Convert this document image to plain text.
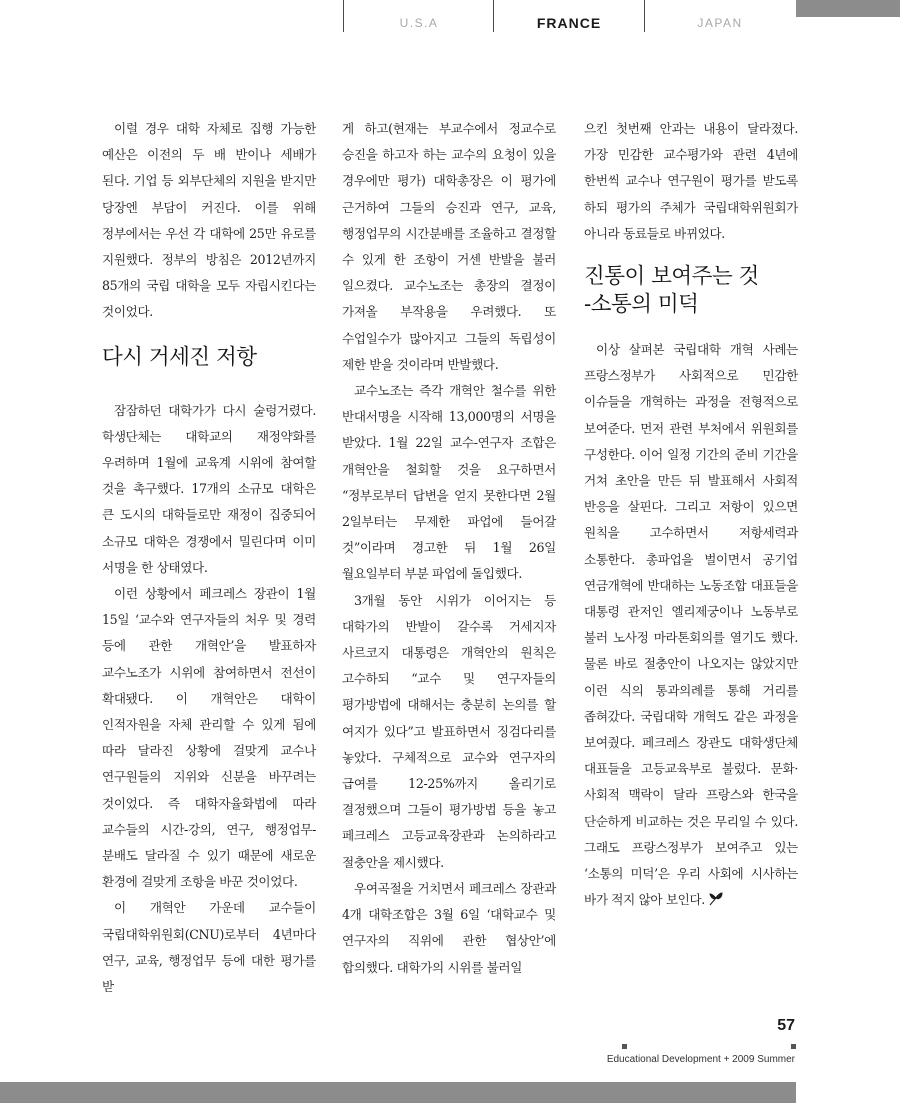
U.S.A	FRANCE	JAPAN

이럴 경우 대학 자체로 집행 가능한 예산은 이전의 두 배 반이나 세배가 된다. 기업 등 외부단체의 지원을 받지만 당장엔 부담이 커진다. 이를 위해 정부에서는 우선 각 대학에 25만 유로를 지원했다. 정부의 방침은 2012년까지 85개의 국립 대학을 모두 자립시킨다는 것이었다.

다시 거세진 저항

잠잠하던 대학가가 다시 술렁거렸다. 학생단체는 대학교의 재정약화를 우려하며 1월에 교육계 시위에 참여할 것을 촉구했다. 17개의 소규모 대학은 큰 도시의 대학들로만 재정이 집중되어 소규모 대학은 경쟁에서 밀린다며 이미 서명을 한 상태였다.

이런 상황에서 페크레스 장관이 1월 15일 ‘교수와 연구자들의 처우 및 경력 등에 관한 개혁안’을 발표하자 교수노조가 시위에 참여하면서 전선이 확대됐다. 이 개혁안은 대학이 인적자원을 자체 관리할 수 있게 됨에 따라 달라진 상황에 걸맞게 교수나 연구원들의 지위와 신분을 바꾸려는 것이었다. 즉 대학자율화법에 따라 교수들의 시간-강의, 연구, 행정업무- 분배도 달라질 수 있기 때문에 새로운 환경에 걸맞게 조항을 바꾼 것이었다.

이 개혁안 가운데 교수들이 국립대학위원회(CNU)로부터 4년마다 연구, 교육, 행정업무 등에 대한 평가를 받

게 하고(현재는 부교수에서 정교수로 승진을 하고자 하는 교수의 요청이 있을 경우에만 평가) 대학총장은 이 평가에 근거하여 그들의 승진과 연구, 교육, 행정업무의 시간분배를 조율하고 결정할 수 있게 한 조항이 거센 반발을 불러 일으켰다. 교수노조는 총장의 결정이 가져올 부작용을 우려했다. 또 수업일수가 많아지고 그들의 독립성이 제한 받을 것이라며 반발했다.

교수노조는 즉각 개혁안 철수를 위한 반대서명을 시작해 13,000명의 서명을 받았다. 1월 22일 교수-연구자 조합은 개혁안을 철회할 것을 요구하면서 “정부로부터 답변을 얻지 못한다면 2월 2일부터는 무제한 파업에 들어갈 것”이라며 경고한 뒤 1월 26일 월요일부터 부분 파업에 돌입했다.

3개월 동안 시위가 이어지는 등 대학가의 반발이 갈수록 거세지자 사르코지 대통령은 개혁안의 원칙은 고수하되 “교수 및 연구자들의 평가방법에 대해서는 충분히 논의를 할 여지가 있다”고 발표하면서 징검다리를 놓았다. 구체적으로 교수와 연구자의 급여를 12-25%까지 올리기로 결정했으며 그들이 평가방법 등을 놓고 페크레스 고등교육장관과 논의하라고 절충안을 제시했다.

우여곡절을 거치면서 페크레스 장관과 4개 대학조합은 3월 6일 ‘대학교수 및 연구자의 직위에 관한 협상안’에 합의했다. 대학가의 시위를 불러일

으킨 첫번째 안과는 내용이 달라졌다. 가장 민감한 교수평가와 관련 4년에 한번씩 교수나 연구원이 평가를 받도록 하되 평가의 주체가 국립대학위원회가 아니라 동료들로 바뀌었다.

진통이 보여주는 것
-소통의 미덕

이상 살펴본 국립대학 개혁 사례는 프랑스정부가 사회적으로 민감한 이슈들을 개혁하는 과정을 전형적으로 보여준다. 먼저 관련 부처에서 위원회를 구성한다. 이어 일정 기간의 준비 기간을 거쳐 초안을 만든 뒤 발표해서 사회적 반응을 살핀다. 그리고 저항이 있으면 원칙을 고수하면서 저항세력과 소통한다. 총파업을 벌이면서 공기업 연금개혁에 반대하는 노동조합 대표들을 대통령 관저인 엘리제궁이나 노동부로 불러 노사정 마라톤회의를 열기도 했다. 물론 바로 절충안이 나오지는 않았지만 이런 식의 통과의례를 통해 거리를 좁혀갔다. 국립대학 개혁도 같은 과정을 보여줬다. 페크레스 장관도 대학생단체 대표들을 고등교육부로 불렀다. 문화·사회적 맥락이 달라 프랑스와 한국을 단순하게 비교하는 것은 무리일 수 있다. 그래도 프랑스정부가 보여주고 있는 ‘소통의 미덕’은 우리 사회에 시사하는 바가 적지 않아 보인다.

57
Educational Development + 2009 Summer
